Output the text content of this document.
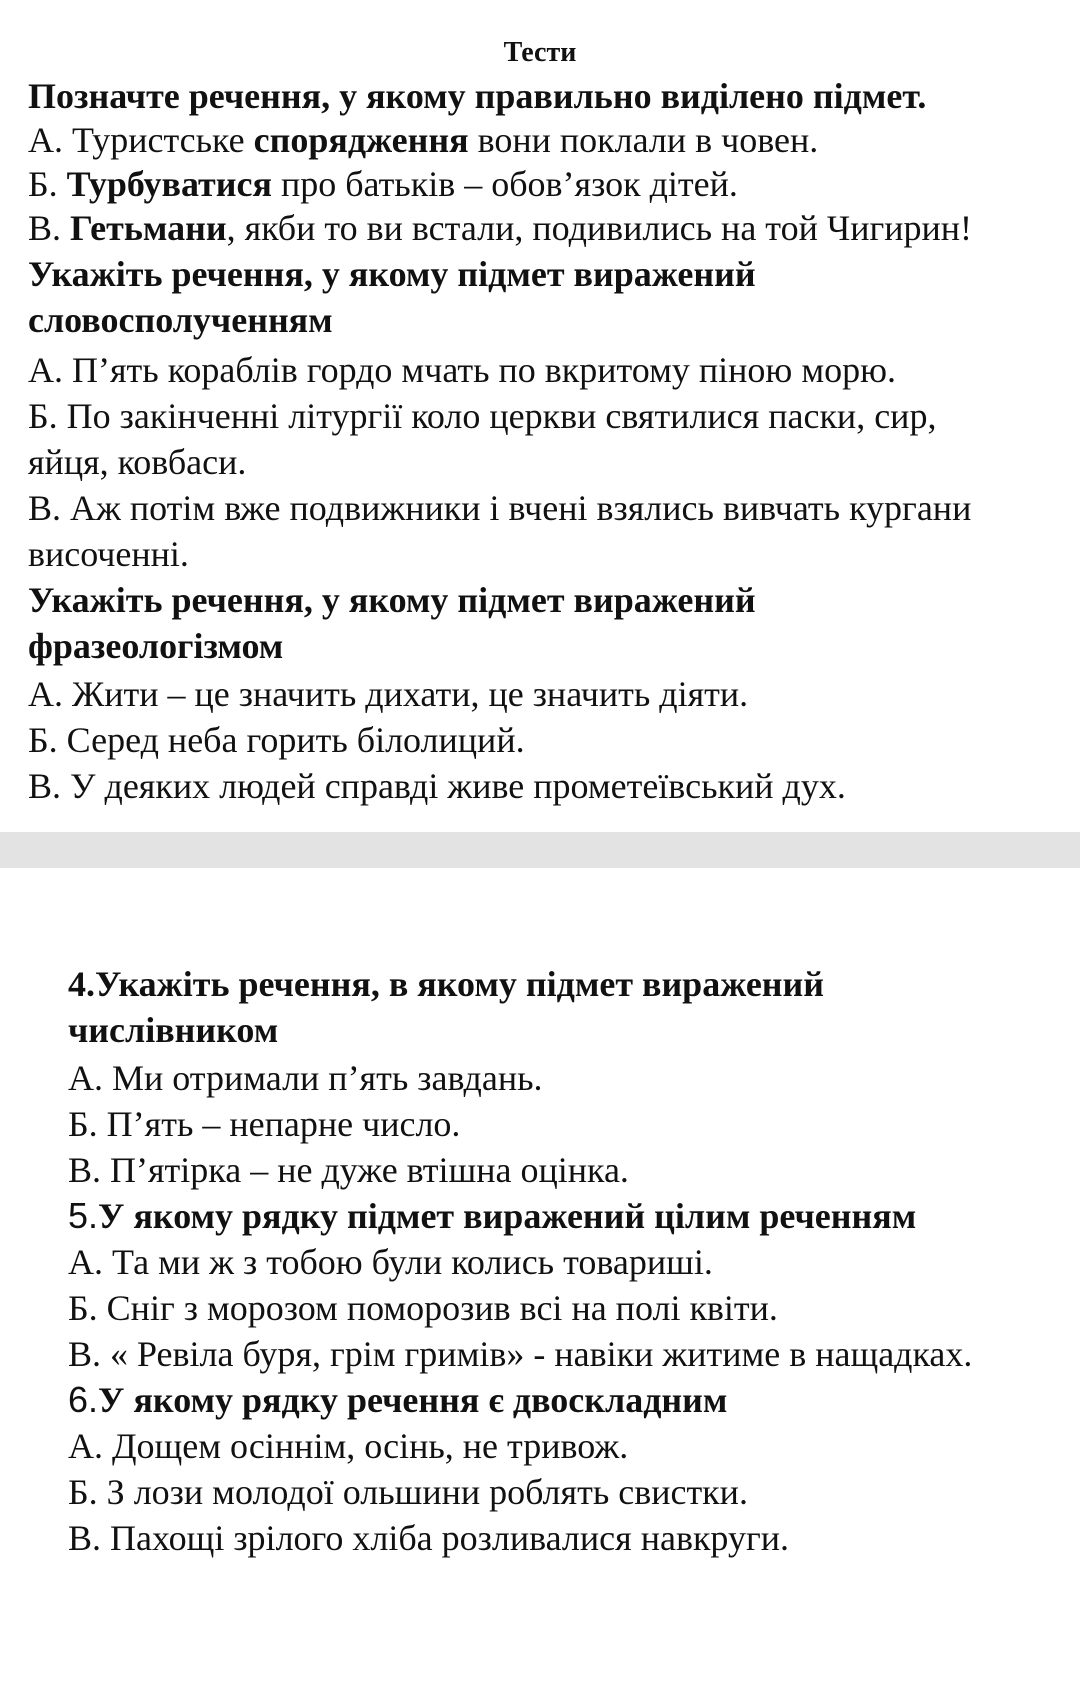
Тести
Позначте речення, у якому правильно виділено підмет.
А. Туристське спорядження вони поклали в човен.
Б. Турбуватися про батьків – обов’язок дітей.
В. Гетьмани, якби то ви встали, подивились на той Чигирин!
Укажіть речення, у якому підмет виражений
словосполученням
А. П’ять кораблів гордо мчать по вкритому піною морю.
Б. По закінченні літургії коло церкви святилися паски, сир,
яйця, ковбаси.
В. Аж потім вже подвижники і вчені взялись вивчать кургани
височенні.
Укажіть речення, у якому підмет виражений
фразеологізмом
А. Жити – це значить дихати, це значить діяти.
Б. Серед неба горить білолиций.
В. У деяких людей справді живе прометеївський дух.
4.Укажіть речення, в якому підмет виражений
числівником
А. Ми отримали п’ять завдань.
Б. П’ять – непарне число.
В. П’ятірка – не дуже втішна оцінка.
5.У якому рядку підмет виражений цілим реченням
А. Та ми ж з тобою були колись товариші.
Б. Сніг з морозом поморозив всі на полі квіти.
В. « Ревіла буря, грім гримів» - навіки житиме в нащадках.
6.У якому рядку речення є двоскладним
А. Дощем осіннім, осінь, не тривож.
Б. З лози молодої ольшини роблять свистки.
В. Пахощі зрілого хліба розливалися навкруги.
